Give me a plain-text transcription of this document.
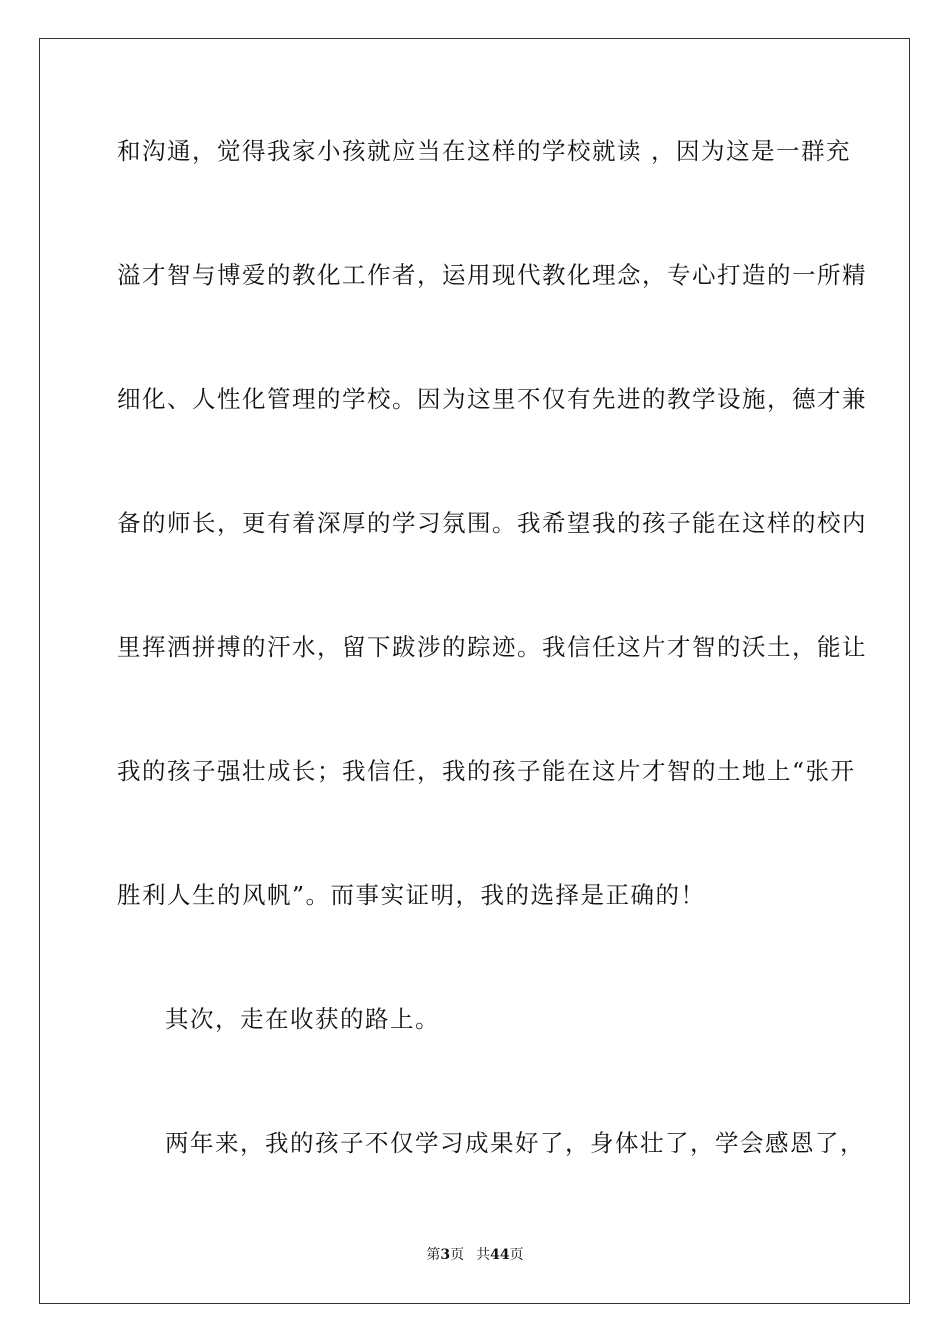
和沟通，觉得我家小孩就应当在这样的学校就读 ，因为这是一群充
溢才智与博爱的教化工作者，运用现代教化理念，专心打造的一所精
细化、人性化管理的学校。因为这里不仅有先进的教学设施，德才兼
备的师长，更有着深厚的学习氛围。我希望我的孩子能在这样的校内
里挥洒拼搏的汗水，留下跋涉的踪迹。我信任这片才智的沃土，能让
我的孩子强壮成长；我信任，我的孩子能在这片才智的土地上“张开
胜利人生的风帆”。而事实证明，我的选择是正确的！
其次，走在收获的路上。
两年来，我的孩子不仅学习成果好了，身体壮了，学会感恩了，
第3页 共44页
